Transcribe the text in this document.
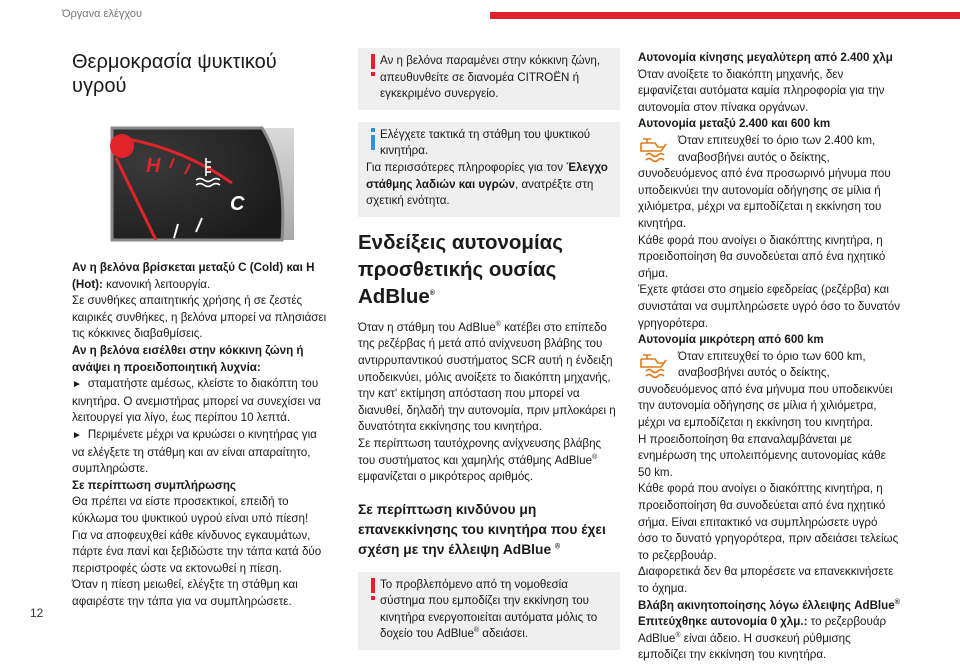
Όργανα ελέγχου
Θερμοκρασία ψυκτικού υγρού
H
C
Αν η βελόνα βρίσκεται μεταξύ C (Cold) και H (Hot): κανονική λειτουργία.
Σε συνθήκες απαιτητικής χρήσης ή σε ζεστές καιρικές συνθήκες, η βελόνα μπορεί να πλησιάσει τις κόκκινες διαβαθμίσεις.
Αν η βελόνα εισέλθει στην κόκκινη ζώνη ή ανάψει η προειδοποιητική λυχνία:
► σταματήστε αμέσως, κλείστε το διακόπτη του κινητήρα. Ο ανεμιστήρας μπορεί να συνεχίσει να λειτουργεί για λίγο, έως περίπου 10 λεπτά.
► Περιμένετε μέχρι να κρυώσει ο κινητήρας για να ελέγξετε τη στάθμη και αν είναι απαραίτητο, συμπληρώστε.
Σε περίπτωση συμπλήρωσης
Θα πρέπει να είστε προσεκτικοί, επειδή το κύκλωμα του ψυκτικού υγρού είναι υπό πίεση!
Για να αποφευχθεί κάθε κίνδυνος εγκαυμάτων, πάρτε ένα πανί και ξεβιδώστε την τάπα κατά δύο περιστροφές ώστε να εκτονωθεί η πίεση.
Όταν η πίεση μειωθεί, ελέγξτε τη στάθμη και αφαιρέστε την τάπα για να συμπληρώσετε.
Αν η βελόνα παραμένει στην κόκκινη ζώνη, απευθυνθείτε σε διανομέα CITROËN ή εγκεκριμένο συνεργείο.
Ελέγχετε τακτικά τη στάθμη του ψυκτικού κινητήρα.
Για περισσότερες πληροφορίες για τον Έλεγχο στάθμης λαδιών και υγρών, ανατρέξτε στη σχετική ενότητα.
Ενδείξεις αυτονομίας
προσθετικής ουσίας AdBlue®
Όταν η στάθμη του AdBlue® κατέβει στο επίπεδο της ρεζέρβας ή μετά από ανίχνευση βλάβης του αντιρρυπαντικού συστήματος SCR αυτή η ένδειξη υποδεικνύει, μόλις ανοίξετε το διακόπτη μηχανής, την κατ' εκτίμηση απόσταση που μπορεί να διανυθεί, δηλαδή την αυτονομία, πριν μπλοκάρει η δυνατότητα εκκίνησης του κινητήρα.
Σε περίπτωση ταυτόχρονης ανίχνευσης βλάβης του συστήματος και χαμηλής στάθμης AdBlue® εμφανίζεται ο μικρότερος αριθμός.
Σε περίπτωση κινδύνου μη επανεκκίνησης του κινητήρα που έχει σχέση με την έλλειψη AdBlue ®
Το προβλεπόμενο από τη νομοθεσία σύστημα που εμποδίζει την εκκίνηση του κινητήρα ενεργοποιείται αυτόματα μόλις το δοχείο του AdBlue® αδειάσει.
Αυτονομία κίνησης μεγαλύτερη από 2.400 χλμ
Όταν ανοίξετε το διακόπτη μηχανής, δεν εμφανίζεται αυτόματα καμία πληροφορία για την αυτονομία στον πίνακα οργάνων.
Αυτονομία μεταξύ 2.400 και 600 km
Όταν επιτευχθεί το όριο των 2.400 km, αναβοσβήνει αυτός ο δείκτης, συνοδευόμενος από ένα προσωρινό μήνυμα που υποδεικνύει την αυτονομία οδήγησης σε μίλια ή χιλιόμετρα, μέχρι να εμποδίζεται η εκκίνηση του κινητήρα.
Κάθε φορά που ανοίγει ο διακόπτης κινητήρα, η προειδοποίηση θα συνοδεύεται από ένα ηχητικό σήμα.
Έχετε φτάσει στο σημείο εφεδρείας (ρεζέρβα) και συνιστάται να συμπληρώσετε υγρό όσο το δυνατόν γρηγορότερα.
Αυτονομία μικρότερη από 600 km
Όταν επιτευχθεί το όριο των 600 km, αναβοσβήνει αυτός ο δείκτης, συνοδευόμενος από ένα μήνυμα που υποδεικνύει την αυτονομία οδήγησης σε μίλια ή χιλιόμετρα, μέχρι να εμποδίζεται η εκκίνηση του κινητήρα.
Η προειδοποίηση θα επαναλαμβάνεται με ενημέρωση της υπολειπόμενης αυτονομίας κάθε 50 km.
Κάθε φορά που ανοίγει ο διακόπτης κινητήρα, η προειδοποίηση θα συνοδεύεται από ένα ηχητικό σήμα. Είναι επιτακτικό να συμπληρώσετε υγρό όσο το δυνατό γρηγορότερα, πριν αδειάσει τελείως το ρεζερβουάρ.
Διαφορετικά δεν θα μπορέσετε να επανεκκινήσετε το όχημα.
Βλάβη ακινητοποίησης λόγω έλλειψης AdBlue®
Επιτεύχθηκε αυτονομία 0 χλμ.: το ρεζερβουάρ AdBlue® είναι άδειο. Η συσκευή ρύθμισης εμποδίζει την εκκίνηση του κινητήρα.
12
